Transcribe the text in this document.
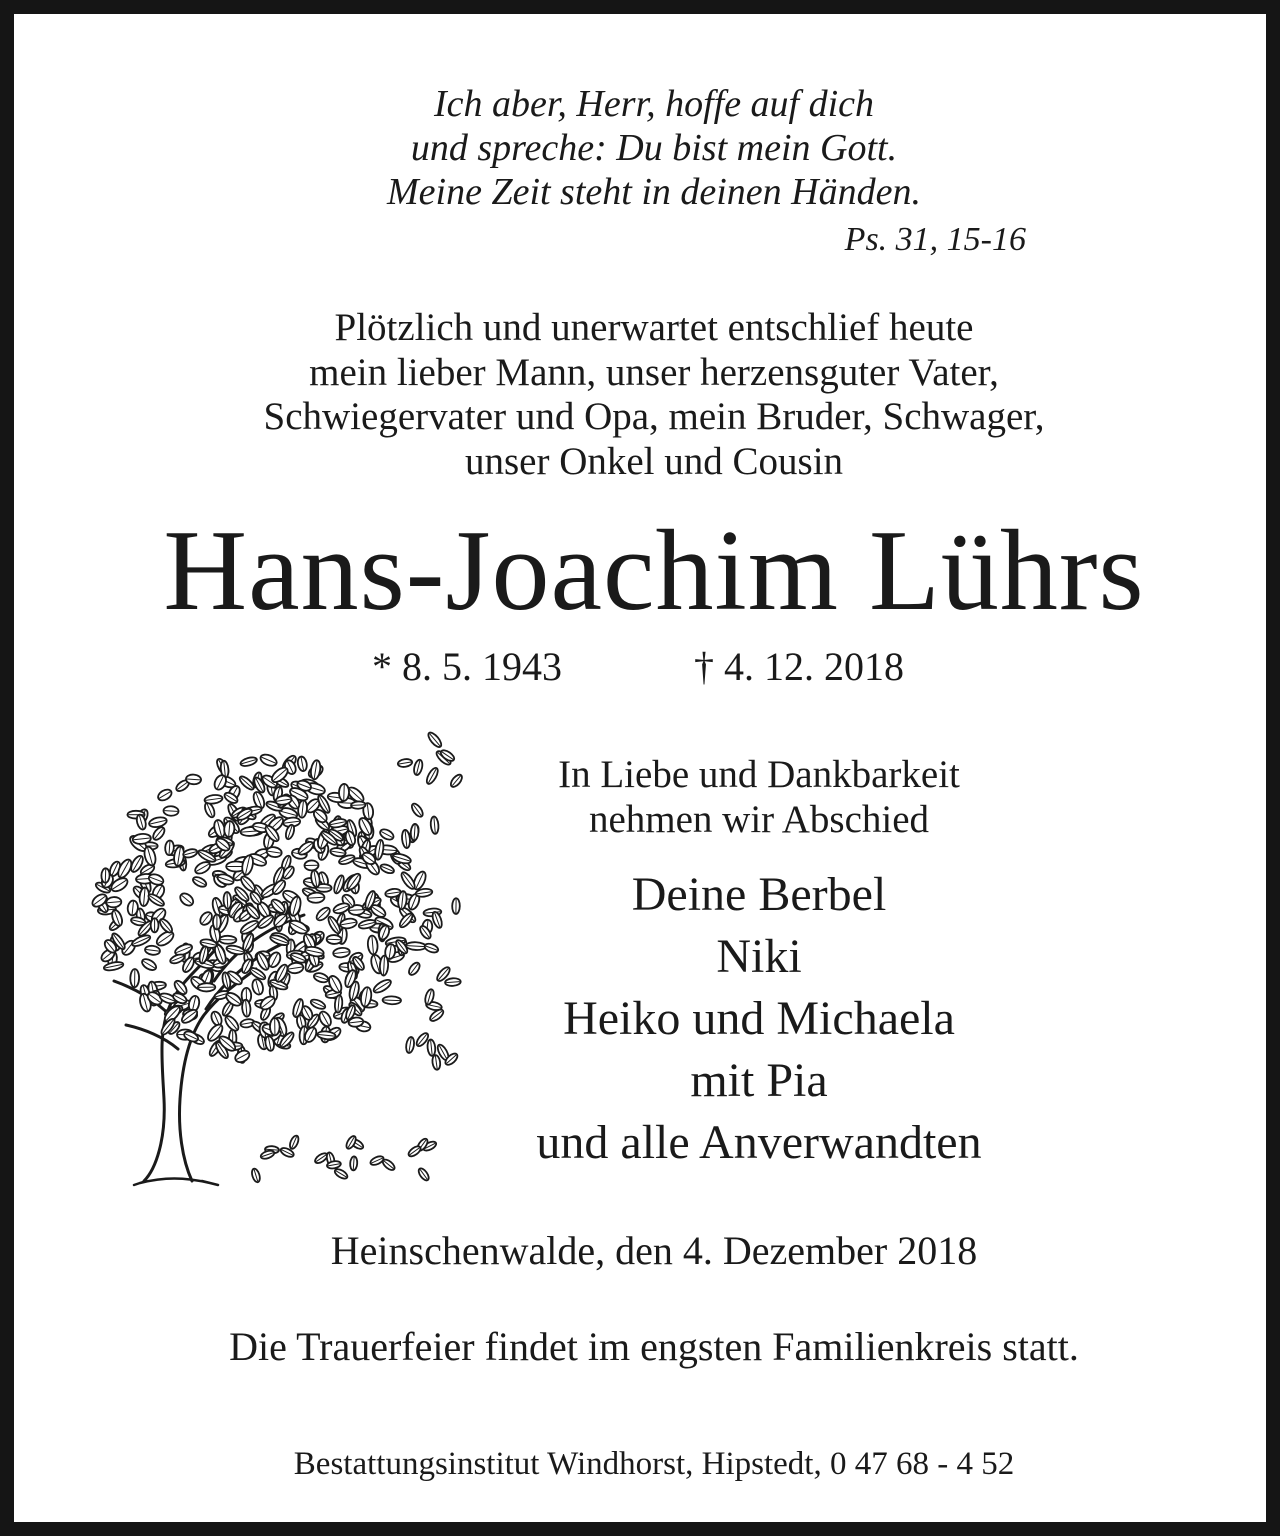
Ich aber, Herr, hoffe auf dich
und spreche: Du bist mein Gott.
Meine Zeit steht in deinen Händen.
Ps. 31, 15-16
Plötzlich und unerwartet entschlief heute
mein lieber Mann, unser herzensguter Vater,
Schwiegervater und Opa, mein Bruder, Schwager,
unser Onkel und Cousin
Hans-Joachim Lührs
* 8. 5. 1943	† 4. 12. 2018
In Liebe und Dankbarkeit
nehmen wir Abschied
Deine Berbel
Niki
Heiko und Michaela
mit Pia
und alle Anverwandten
Heinschenwalde, den 4. Dezember 2018
Die Trauerfeier findet im engsten Familienkreis statt.
Bestattungsinstitut Windhorst, Hipstedt, 0 47 68 - 4 52
